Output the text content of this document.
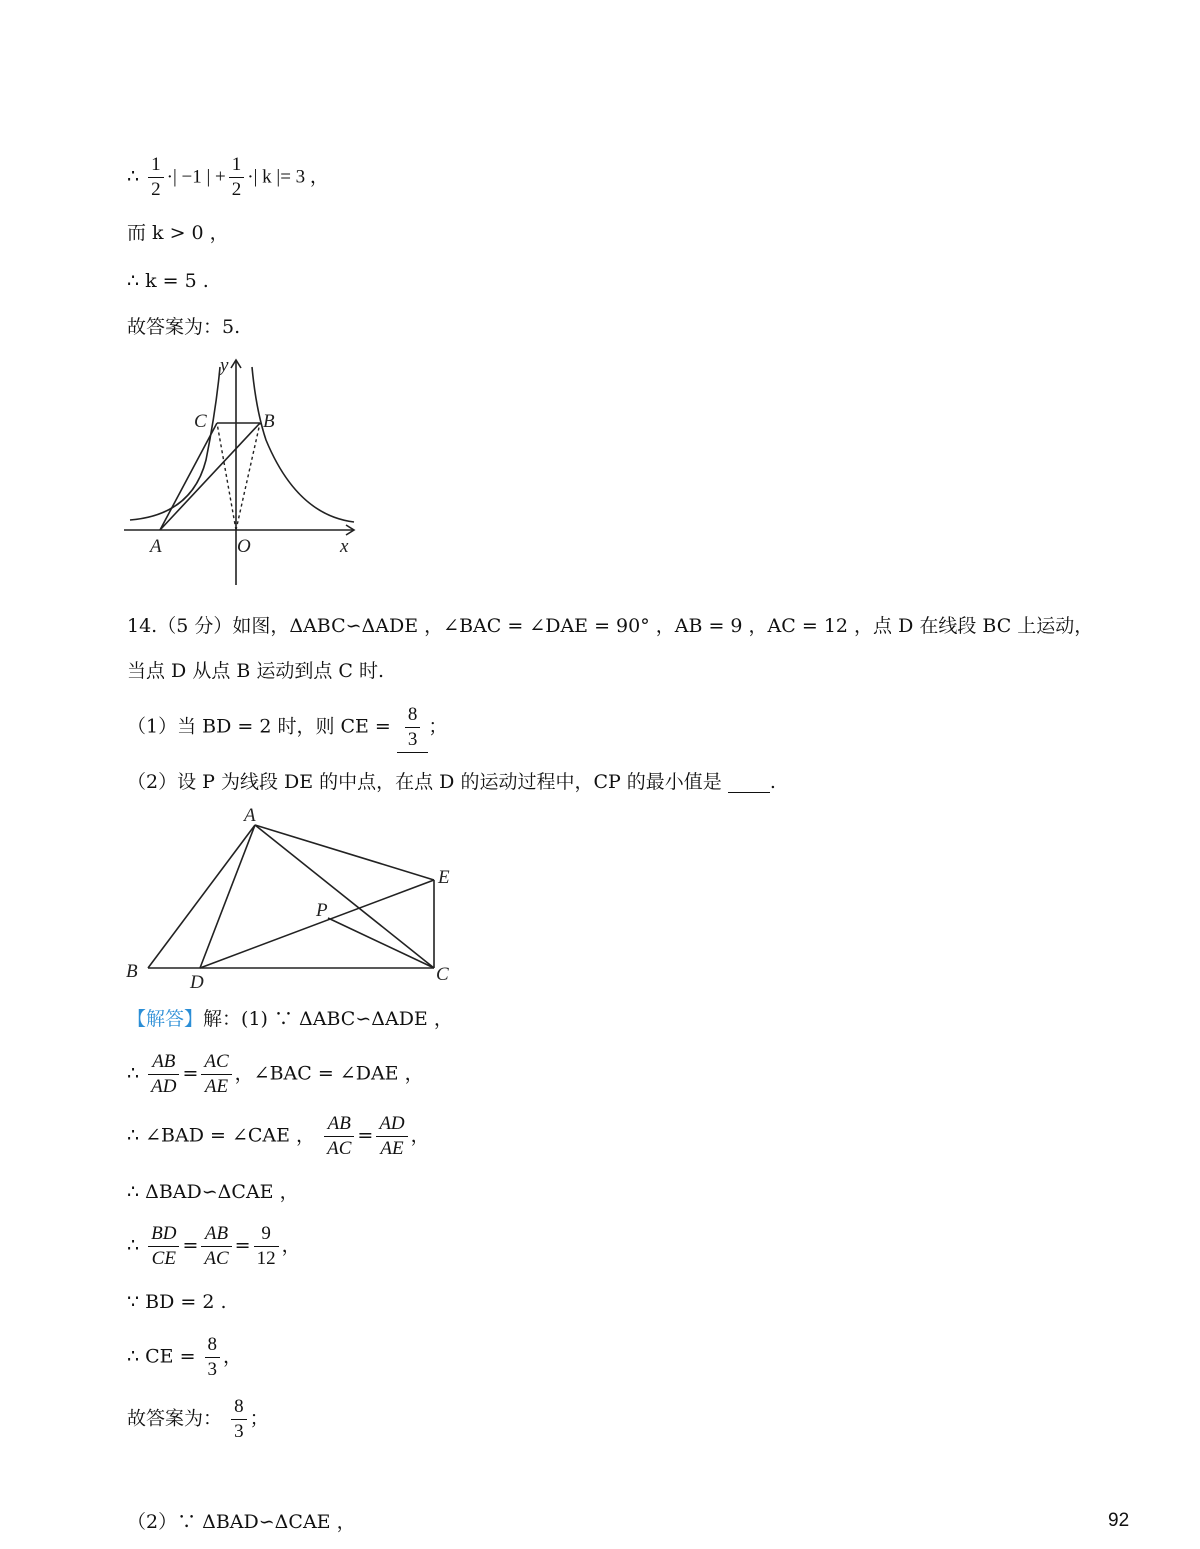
∴ $\frac{1}{2}$ ·| −1 | + $\frac{1}{2}$ ·| k |= 3 ，
而 k > 0 ，
∴ k = 5 .
故答案为：5.
y
C	B
A	O	x
14.（5 分）如图，ΔABC∽ΔADE ，∠BAC = ∠DAE = 90° ，AB = 9 ，AC = 12 ，点 D 在线段 BC 上运动，
当点 D 从点 B 运动到点 C 时.
（1）当 BD = 2 时，则 CE = $\frac{8}{3}$ ；
（2）设 P 为线段 DE 的中点，在点 D 的运动过程中，CP 的最小值是	.
A
E
P
B
D	C
【解答】解：(1) ∵ ΔABC∽ΔADE ，
∴ $\frac{AB}{AD} = \frac{AC}{AE}$ ，∠BAC = ∠DAE ，
∴ ∠BAD = ∠CAE ， $\frac{AB}{AC} = \frac{AD}{AE}$ ，
∴ ΔBAD∽ΔCAE ，
∴ $\frac{BD}{CE} = \frac{AB}{AC} = \frac{9}{12}$ ，
∵ BD = 2 .
∴ CE = $\frac{8}{3}$ ，
故答案为： $\frac{8}{3}$ ；
（2）∵ ΔBAD∽ΔCAE ，	92
